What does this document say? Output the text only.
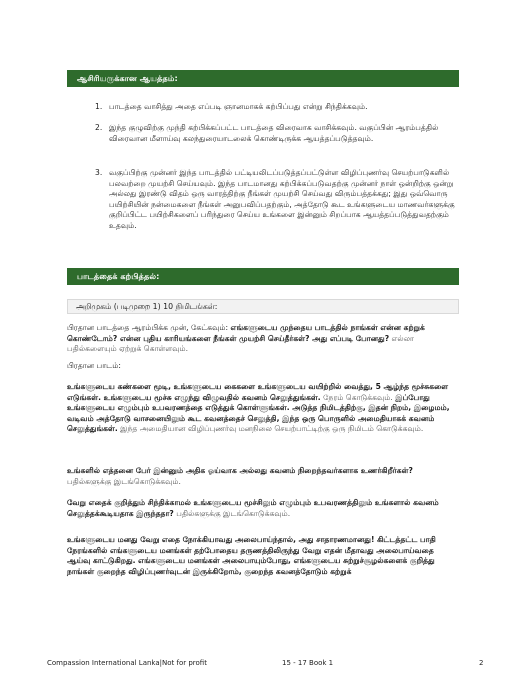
ஆசிரியருக்கான ஆயத்தம்:
1. பாடத்தை வாசித்து அதை எப்படி ஞானமாகக் கற்பிப்பது என்று சிந்திக்கவும்.
2. இந்த குழுவிற்கு முந்தி கற்பிக்கப்பட்ட பாடத்தை விரைவாக வாசிக்கவும். வகுப்பின் ஆரம்பத்தில் விரைவான மீளாய்வு கலந்துரையாடலைக் கொண்டிருக்க ஆயத்தப்படுத்தவும்.
3. வகுப்பிற்கு முன்னர் இந்த பாடத்தில் பட்டியலிடப்படுத்தப்பட்டுள்ள விழிப்புணர்வு செயற்பாடுகளில் பலவற்றை முயற்சி செய்யவும். இந்த பாடமானது கற்பிக்கப்படுவதற்கு முன்னர் நாள் ஒன்றிற்கு ஒன்று அல்லது இரண்டு விதம் ஒரு வாரத்திற்கு நீங்கள் முயற்சி செய்வது விரும்பத்தக்கது; இது ஒவ்வொரு பயிற்சியின் நன்மைகளை நீங்கள் அனுபவிப்பதற்கும், அத்தோடு கூட உங்களுடைய மாணவர்களுக்கு குறிப்பிட்ட பயிற்சிகளைப் பரிந்துரை செய்ய உங்களை இன்னும் சிறப்பாக ஆயத்தப்படுத்துவதற்கும் உதவும்.
பாடத்தைக் கற்பித்தல்:
அறிமுகம் (படிமுறை 1) 10 நிமிடங்கள்:
பிரதான பாடத்தை ஆரம்பிக்க முன், கேட்கவும்: எங்களுடைய முந்தைய பாடத்தில் நாங்கள் என்ன கற்றுக் கொண்டோம்? என்ன புதிய காரியங்களை நீங்கள் முயற்சி செய்தீர்கள்? அது எப்படி போனது? எல்லா பதில்களையும் ஏற்றுக் கொள்ளவும்.
பிரதான பாடம்:
உங்களுடைய கண்களை மூடி, உங்களுடைய கைகளை உங்களுடைய வயிற்றில் வைத்து, 5 ஆழ்ந்த மூச்சுகளை எடுங்கள். உங்களுடைய மூச்சு எழுந்து விழுவதில் கவனம் செலுத்துங்கள். நேரம் கொடுக்கவும். இப்போது உங்களுடைய எழும்பும் உபவரணத்தை எடுத்துக் கொள்ளுங்கள். அடுத்த நிமிடத்திற்கு, இதன் நிறம், இழைமம், வடிவம் அத்தோடு வாசனையிலும் கூட கவனத்தைச் செலுத்தி, இந்த ஒரு பொருளில் அமைதியாகக் கவனம் செலுத்துங்கள். இந்த அமைதியான விழிப்புணர்வு மனநிலை செயற்பாட்டிற்கு ஒரு நிமிடம் கொடுக்கவும்.
உங்களில் எத்தனை பேர் இன்னும் அதிக ஓய்வாக அல்லது கவனம் நிறைந்தவர்களாக உணர்கிறீர்கள்? பதில்களுக்கு இடங்கொடுக்கவும்.
வேறு எதைக் குறித்தும் சிந்திக்காமல் உங்களுடைய மூச்சிலும் எழும்பும் உபவரணத்திலும் உங்களால் கவனம் செலுத்தக்கூடியதாக இருந்ததா? பதில்களுக்கு இடங்கொடுக்கவும்.
உங்களுடைய மனது வேறு எதை நோக்கியாவது அலைபாய்ந்தால், அது சாதாரணமானது! கிட்டத்தட்ட பாதி நேரங்களில் எங்களுடைய மனங்கள் தற்போதைய தருணத்திலிருந்து வேறு எதன் மீதாவது அலைபாய்வதை ஆய்வு காட்டுகிறது. எங்களுடைய மனங்கள் அலைபாயும்போது, எங்களுடைய சுற்றுச்சூழல்களைக் குறித்து நாங்கள் குறைந்த விழிப்புணர்வுடன் இருக்கிறோம், குறைந்த கவனத்தோடும் கற்றுக்
Compassion International Lanka|Not for profit	15 - 17 Book 1	2
